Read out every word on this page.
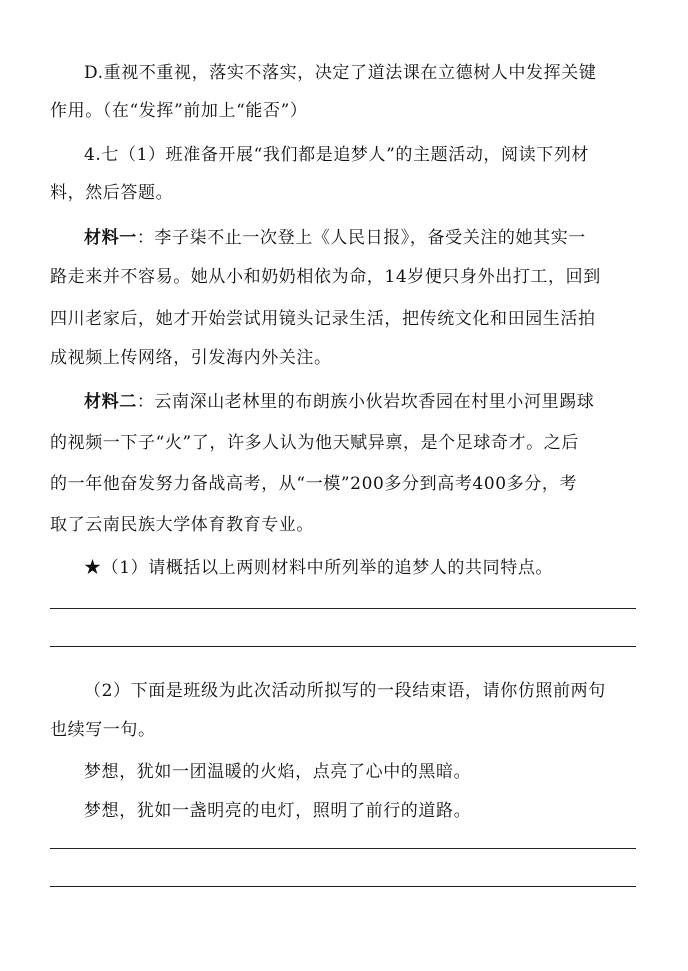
D.重视不重视，落实不落实，决定了道法课在立德树人中发挥关键
作用。（在“发挥”前加上“能否”）
4.七（1）班准备开展“我们都是追梦人”的主题活动，阅读下列材
料，然后答题。
材料一：李子柒不止一次登上《人民日报》，备受关注的她其实一
路走来并不容易。她从小和奶奶相依为命，14岁便只身外出打工，回到
四川老家后，她才开始尝试用镜头记录生活，把传统文化和田园生活拍
成视频上传网络，引发海内外关注。
材料二：云南深山老林里的布朗族小伙岩坎香园在村里小河里踢球
的视频一下子“火”了，许多人认为他天赋异禀，是个足球奇才。之后
的一年他奋发努力备战高考，从“一模”200多分到高考400多分，考
取了云南民族大学体育教育专业。
★（1）请概括以上两则材料中所列举的追梦人的共同特点。
（2）下面是班级为此次活动所拟写的一段结束语，请你仿照前两句
也续写一句。
梦想，犹如一团温暖的火焰，点亮了心中的黑暗。
梦想，犹如一盏明亮的电灯，照明了前行的道路。
